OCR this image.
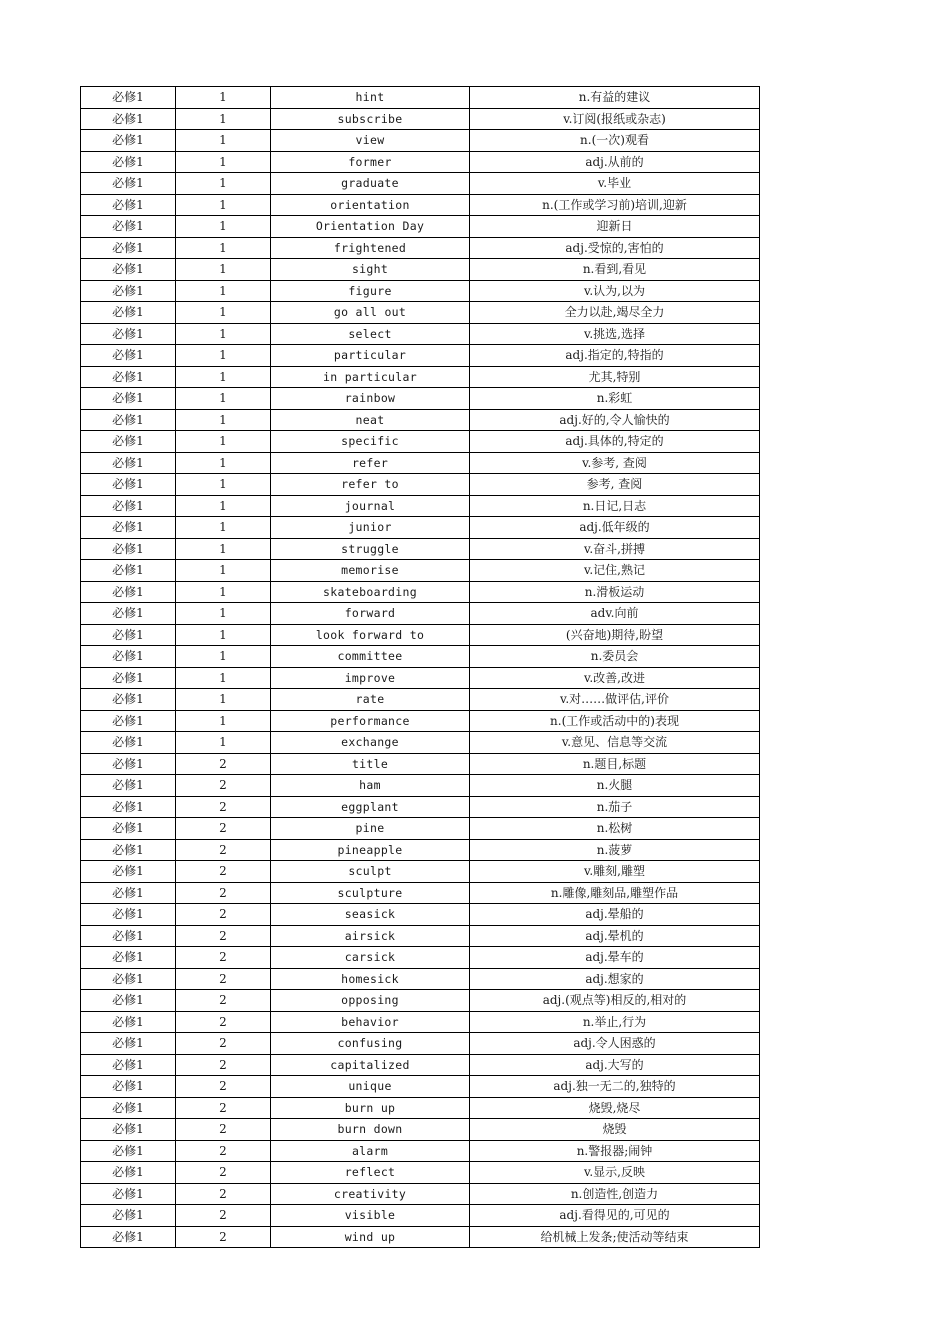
必修1	1	hint	n.有益的建议
必修1	1	subscribe	v.订阅(报纸或杂志)
必修1	1	view	n.(一次)观看
必修1	1	former	adj.从前的
必修1	1	graduate	v.毕业
必修1	1	orientation	n.(工作或学习前)培训,迎新
必修1	1	Orientation Day	迎新日
必修1	1	frightened	adj.受惊的,害怕的
必修1	1	sight	n.看到,看见
必修1	1	figure	v.认为,以为
必修1	1	go all out	全力以赴,竭尽全力
必修1	1	select	v.挑选,选择
必修1	1	particular	adj.指定的,特指的
必修1	1	in particular	尤其,特别
必修1	1	rainbow	n.彩虹
必修1	1	neat	adj.好的,令人愉快的
必修1	1	specific	adj.具体的,特定的
必修1	1	refer	v.参考, 查阅
必修1	1	refer to	参考, 查阅
必修1	1	journal	n.日记,日志
必修1	1	junior	adj.低年级的
必修1	1	struggle	v.奋斗,拼搏
必修1	1	memorise	v.记住,熟记
必修1	1	skateboarding	n.滑板运动
必修1	1	forward	adv.向前
必修1	1	look forward to	(兴奋地)期待,盼望
必修1	1	committee	n.委员会
必修1	1	improve	v.改善,改进
必修1	1	rate	v.对……做评估,评价
必修1	1	performance	n.(工作或活动中的)表现
必修1	1	exchange	v.意见、信息等交流
必修1	2	title	n.题目,标题
必修1	2	ham	n.火腿
必修1	2	eggplant	n.茄子
必修1	2	pine	n.松树
必修1	2	pineapple	n.菠萝
必修1	2	sculpt	v.雕刻,雕塑
必修1	2	sculpture	n.雕像,雕刻品,雕塑作品
必修1	2	seasick	adj.晕船的
必修1	2	airsick	adj.晕机的
必修1	2	carsick	adj.晕车的
必修1	2	homesick	adj.想家的
必修1	2	opposing	adj.(观点等)相反的,相对的
必修1	2	behavior	n.举止,行为
必修1	2	confusing	adj.令人困惑的
必修1	2	capitalized	adj.大写的
必修1	2	unique	adj.独一无二的,独特的
必修1	2	burn up	烧毁,烧尽
必修1	2	burn down	烧毁
必修1	2	alarm	n.警报器;闹钟
必修1	2	reflect	v.显示,反映
必修1	2	creativity	n.创造性,创造力
必修1	2	visible	adj.看得见的,可见的
必修1	2	wind up	给机械上发条;使活动等结束
